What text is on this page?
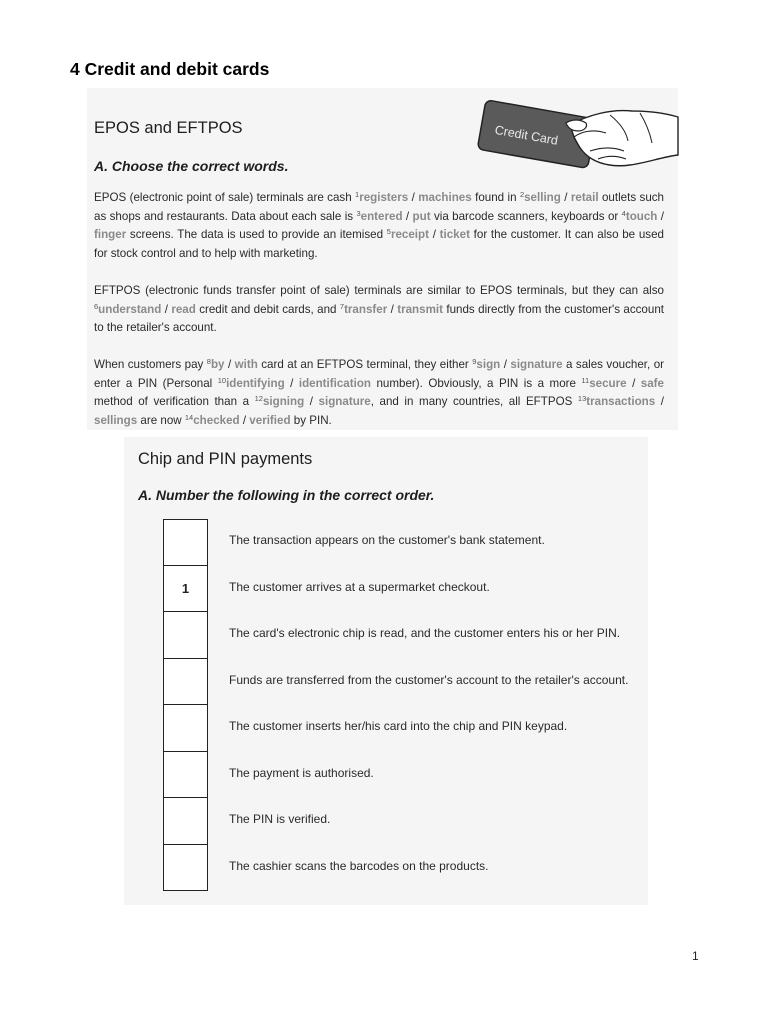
4 Credit and debit cards
EPOS and EFTPOS
A. Choose the correct words.
Credit Card
EPOS (electronic point of sale) terminals are cash $^1$registers / machines found in $^2$selling / retail outlets such as shops and restaurants. Data about each sale is $^3$entered / put via barcode scanners, keyboards or $^4$touch / finger screens. The data is used to provide an itemised $^5$receipt / ticket for the customer. It can also be used for stock control and to help with marketing.
EFTPOS (electronic funds transfer point of sale) terminals are similar to EPOS terminals, but they can also $^6$understand / read credit and debit cards, and $^7$transfer / transmit funds directly from the customer's account to the retailer's account.
When customers pay $^8$by / with card at an EFTPOS terminal, they either $^9$sign / signature a sales voucher, or enter a PIN (Personal $^{10}$identifying / identification number). Obviously, a PIN is a more $^{11}$secure / safe method of verification than a $^{12}$signing / signature, and in many countries, all EFTPOS $^{13}$transactions / sellings are now $^{14}$checked / verified by PIN.
Chip and PIN payments
A. Number the following in the correct order.
The transaction appears on the customer's bank statement.
1	The customer arrives at a supermarket checkout.
The card's electronic chip is read, and the customer enters his or her PIN.
Funds are transferred from the customer's account to the retailer's account.
The customer inserts her/his card into the chip and PIN keypad.
The payment is authorised.
The PIN is verified.
The cashier scans the barcodes on the products.
1
